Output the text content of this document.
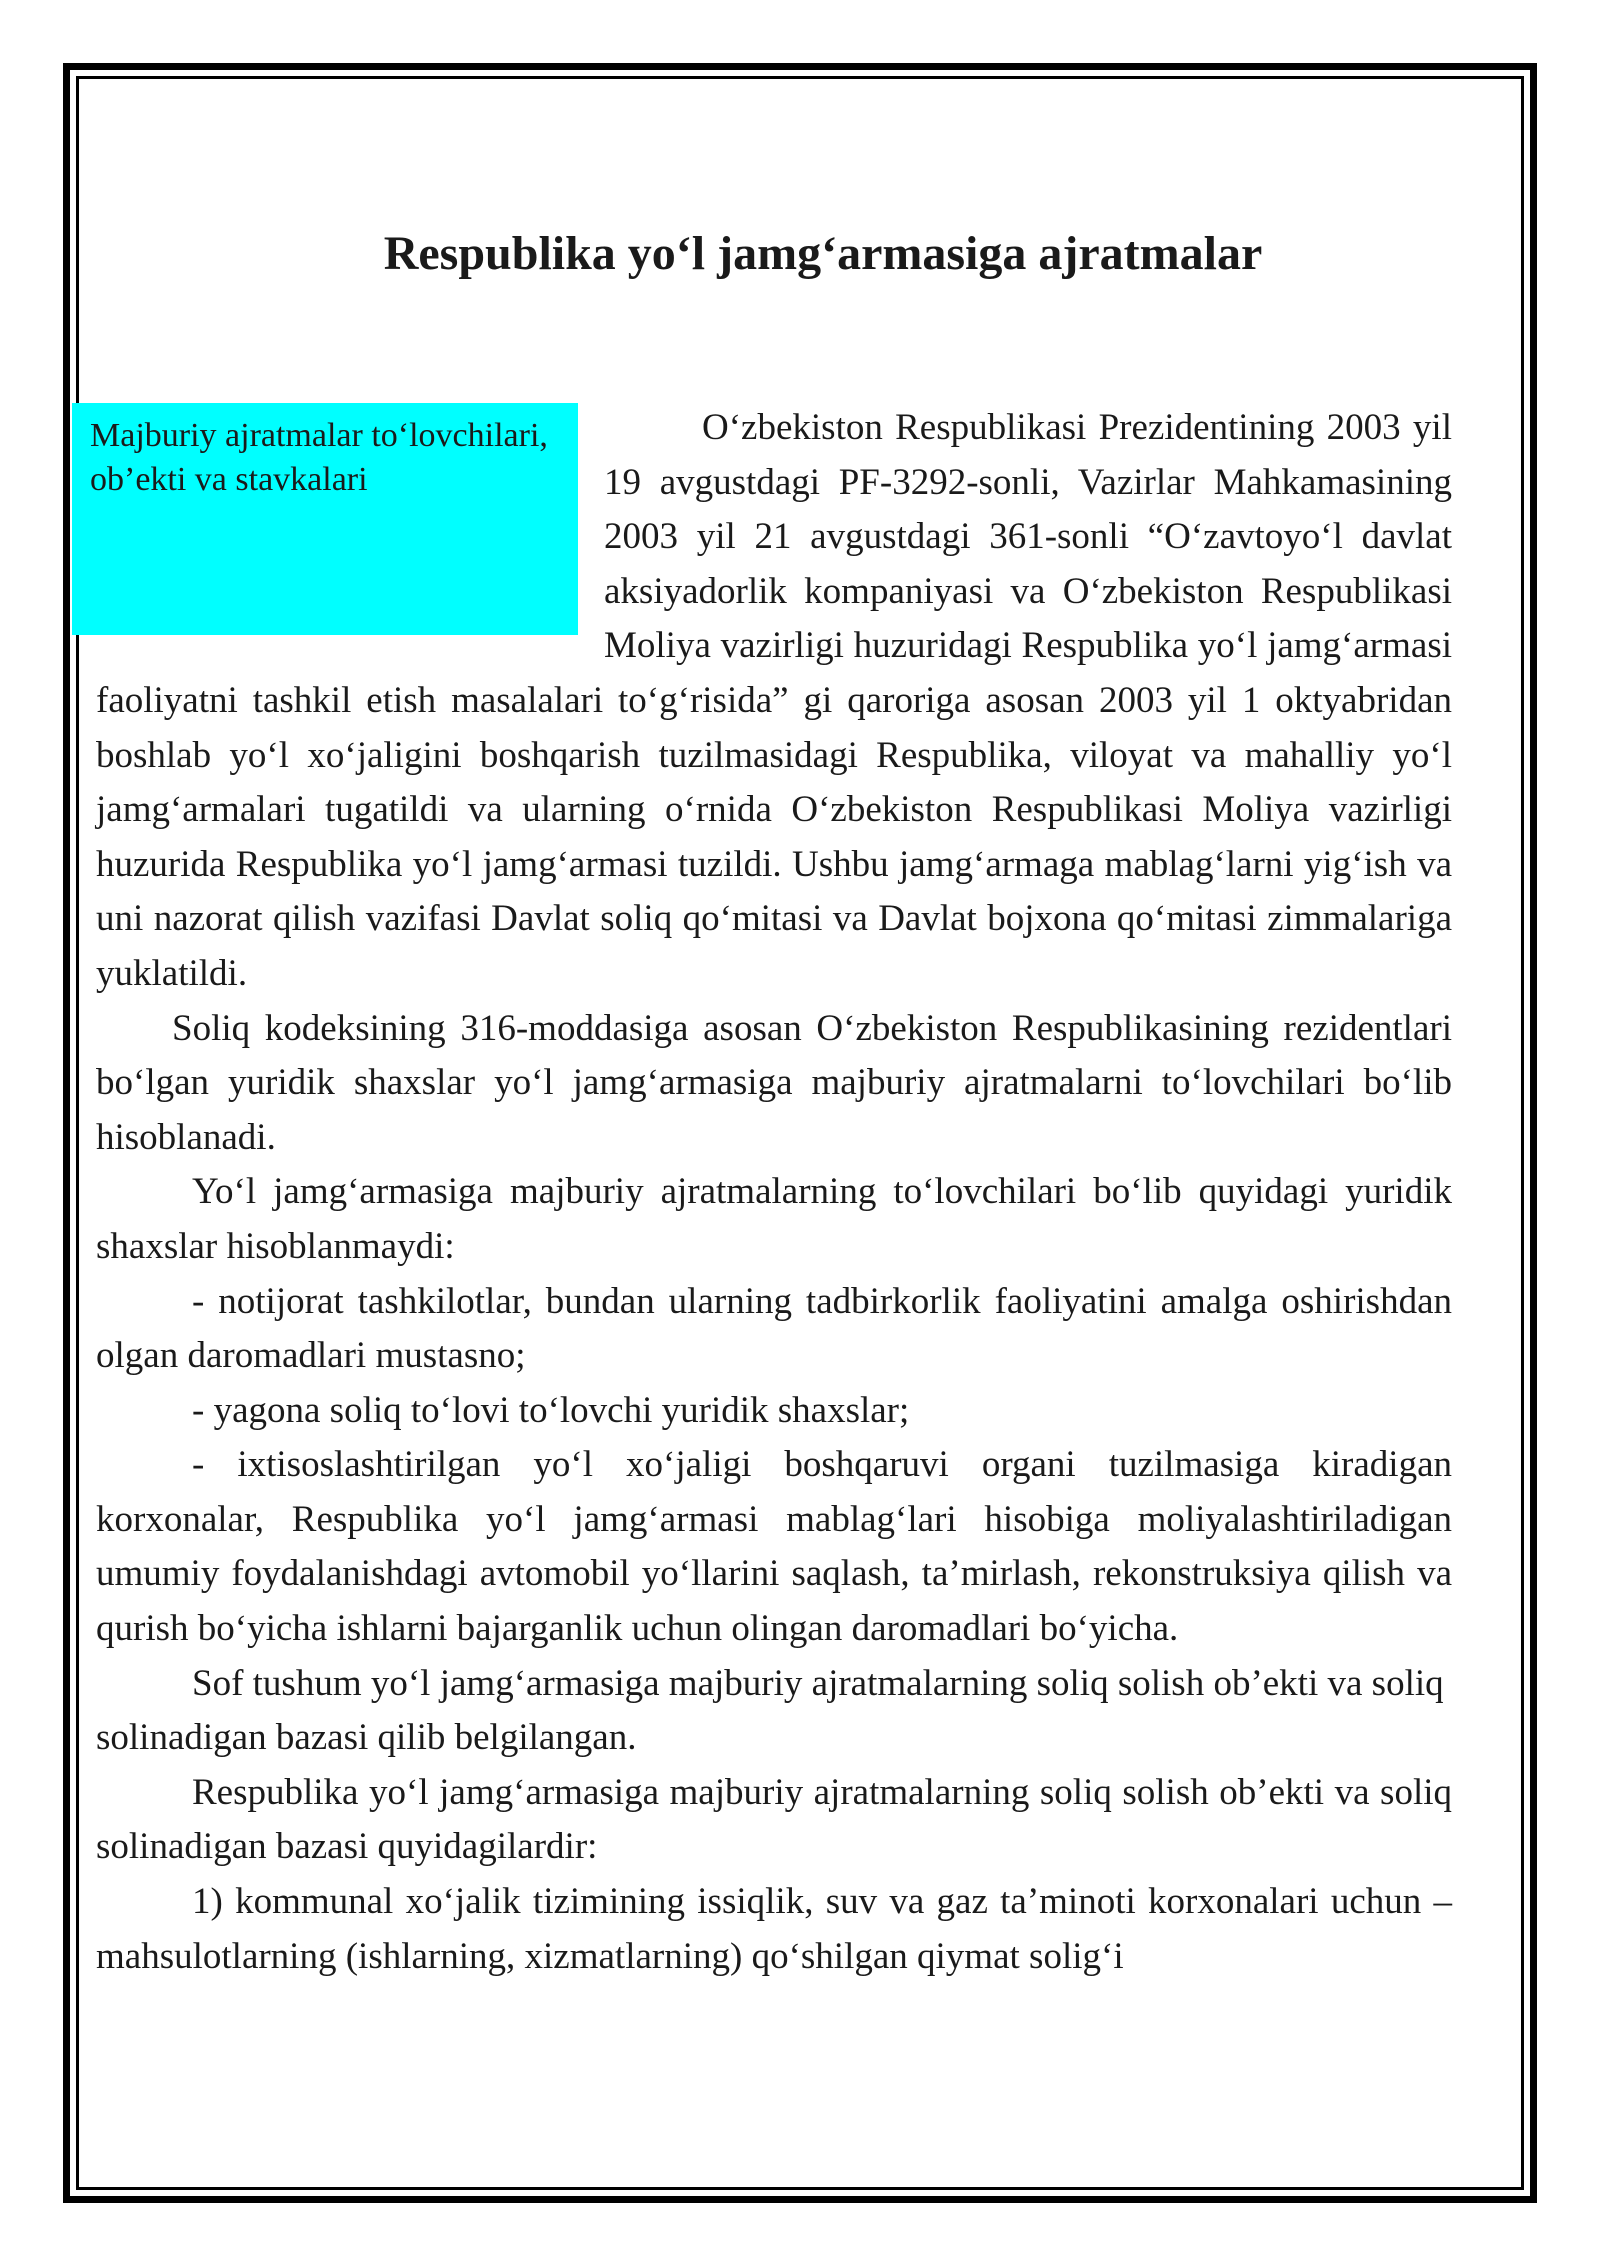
Respublika yo‘l jamg‘armasiga ajratmalar
Majburiy ajratmalar to‘lovchilari, ob’ekti va stavkalari

O‘zbekiston Respublikasi Prezidentining 2003 yil 19 avgustdagi PF-3292-sonli, Vazirlar Mahkamasining 2003 yil 21 avgustdagi 361-sonli “O‘zavtoyo‘l davlat aksiyadorlik kompaniyasi va O‘zbekiston Respublikasi Moliya vazirligi huzuridagi Respublika yo‘l jamg‘armasi faoliyatni tashkil etish masalalari to‘g‘risida” gi qaroriga asosan 2003 yil 1 oktyabridan boshlab yo‘l xo‘jaligini boshqarish tuzilmasidagi Respublika, viloyat va mahalliy yo‘l jamg‘armalari tugatildi va ularning o‘rnida O‘zbekiston Respublikasi Moliya vazirligi huzurida Respublika yo‘l jamg‘armasi tuzildi. Ushbu jamg‘armaga mablag‘larni yig‘ish va uni nazorat qilish vazifasi Davlat soliq qo‘mitasi va Davlat bojxona qo‘mitasi zimmalariga yuklatildi.

Soliq kodeksining 316-moddasiga asosan O‘zbekiston Respublikasining rezidentlari bo‘lgan yuridik shaxslar yo‘l jamg‘armasiga majburiy ajratmalarni to‘lovchilari bo‘lib hisoblanadi.

Yo‘l jamg‘armasiga majburiy ajratmalarning to‘lovchilari bo‘lib quyidagi yuridik shaxslar hisoblanmaydi:

- notijorat tashkilotlar, bundan ularning tadbirkorlik faoliyatini amalga oshirishdan olgan daromadlari mustasno;

- yagona soliq to‘lovi to‘lovchi yuridik shaxslar;

- ixtisoslashtirilgan yo‘l xo‘jaligi boshqaruvi organi tuzilmasiga kiradigan korxonalar, Respublika yo‘l jamg‘armasi mablag‘lari hisobiga moliyalashtiriladigan umumiy foydalanishdagi avtomobil yo‘llarini saqlash, ta’mirlash, rekonstruksiya qilish va qurish bo‘yicha ishlarni bajarganlik uchun olingan daromadlari bo‘yicha.

Sof tushum yo‘l jamg‘armasiga majburiy ajratmalarning soliq solish ob’ekti va soliq solinadigan bazasi qilib belgilangan.

Respublika yo‘l jamg‘armasiga majburiy ajratmalarning soliq solish ob’ekti va soliq solinadigan bazasi quyidagilardir:

1) kommunal xo‘jalik tizimining issiqlik, suv va gaz ta’minoti korxonalari uchun – mahsulotlarning (ishlarning, xizmatlarning) qo‘shilgan qiymat solig‘i
